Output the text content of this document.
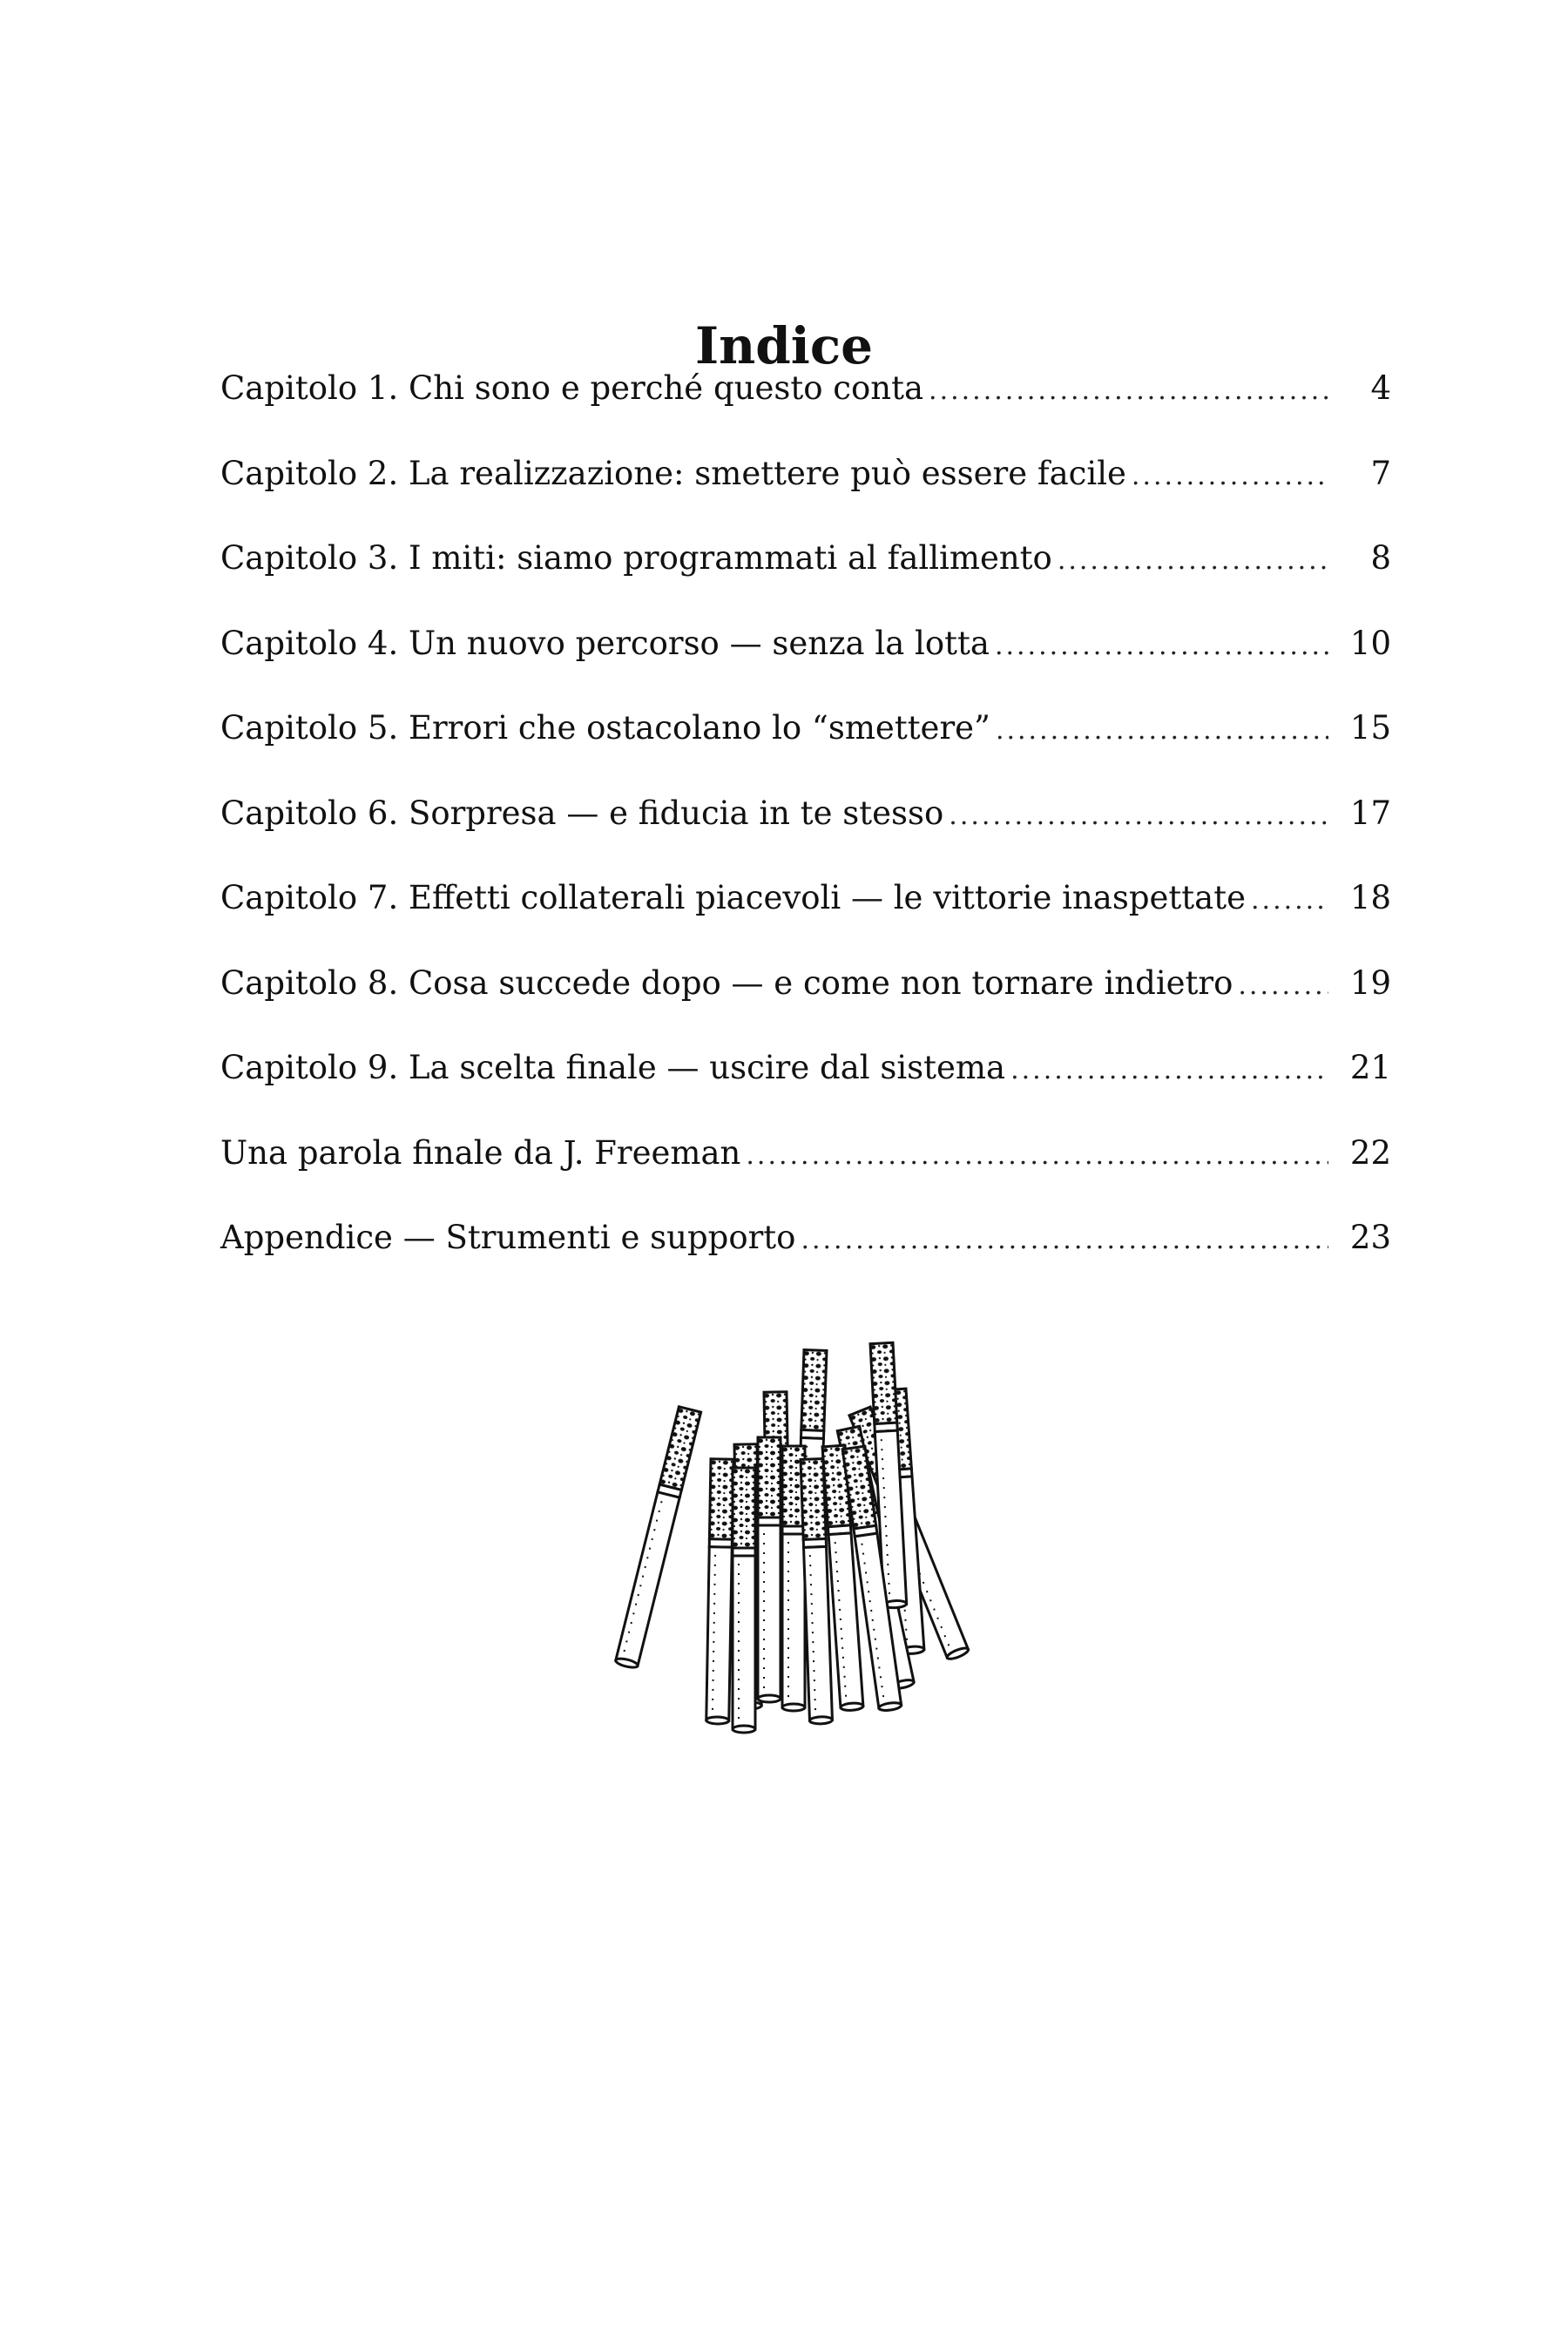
Indice
Capitolo 1. Chi sono e perché questo conta .....	4
Capitolo 2. La realizzazione: smettere può essere facile .....	7
Capitolo 3. I miti: siamo programmati al fallimento .....	8
Capitolo 4. Un nuovo percorso — senza la lotta .....	10
Capitolo 5. Errori che ostacolano lo “smettere” .....	15
Capitolo 6. Sorpresa — e fiducia in te stesso .....	17
Capitolo 7. Effetti collaterali piacevoli — le vittorie inaspettate .....	18
Capitolo 8. Cosa succede dopo — e come non tornare indietro .....	19
Capitolo 9. La scelta finale — uscire dal sistema .....	21
Una parola finale da J. Freeman .....	22
Appendice — Strumenti e supporto .....	23
